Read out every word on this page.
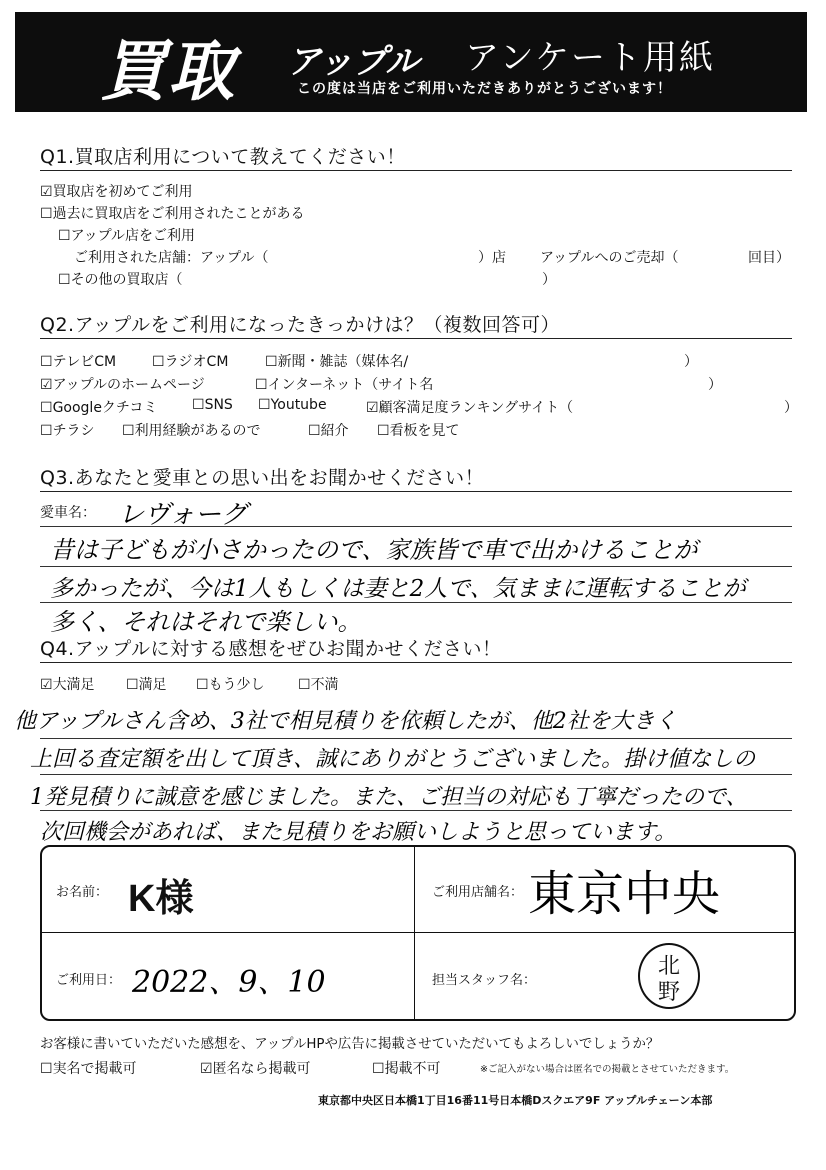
買取 アップル アンケート用紙
この度は当店をご利用いただきありがとうございます！
Q1.買取店利用について教えてください！
☑買取店を初めてご利用
☐過去に買取店をご利用されたことがある
☐アップル店をご利用
ご利用された店舗：アップル（	）店 アップルへのご売却（	回目）
☐その他の買取店（	）
Q2.アップルをご利用になったきっかけは？（複数回答可）
☐テレビCM	☐ラジオCM	☐新聞・雑誌（媒体名/	）
☑アップルのホームページ	☐インターネット（サイト名	）
☐Googleクチコミ ☐SNS ☐Youtube	☑顧客満足度ランキングサイト（	）
☐チラシ ☐利用経験があるので	☐紹介 ☐看板を見て
Q3.あなたと愛車との思い出をお聞かせください！
愛車名： レヴォーグ
昔は子どもが小さかったので、家族皆で車で出かけることが
多かったが、今は1人もしくは妻と2人で、気ままに運転することが
多く、それはそれで楽しい。
Q4.アップルに対する感想をぜひお聞かせください！
☑大満足 ☐満足 ☐もう少し ☐不満
他アップルさん含め、3社で相見積りを依頼したが、他2社を大きく
上回る査定額を出して頂き、誠にありがとうございました。掛け値なしの
1発見積りに誠意を感じました。また、ご担当の対応も丁寧だったので、
次回機会があれば、また見積りをお願いしようと思っています。
お名前： K様	ご利用店舗名： 東京中央
ご利用日： 2022、9、10	担当スタッフ名：
北
野
お客様に書いていただいた感想を、アップルHPや広告に掲載させていただいてもよろしいでしょうか？
☐実名で掲載可	☑匿名なら掲載可	☐掲載不可	※ご記入がない場合は匿名での掲載とさせていただきます。
東京都中央区日本橋1丁目16番11号日本橋Dスクエア9F アップルチェーン本部
